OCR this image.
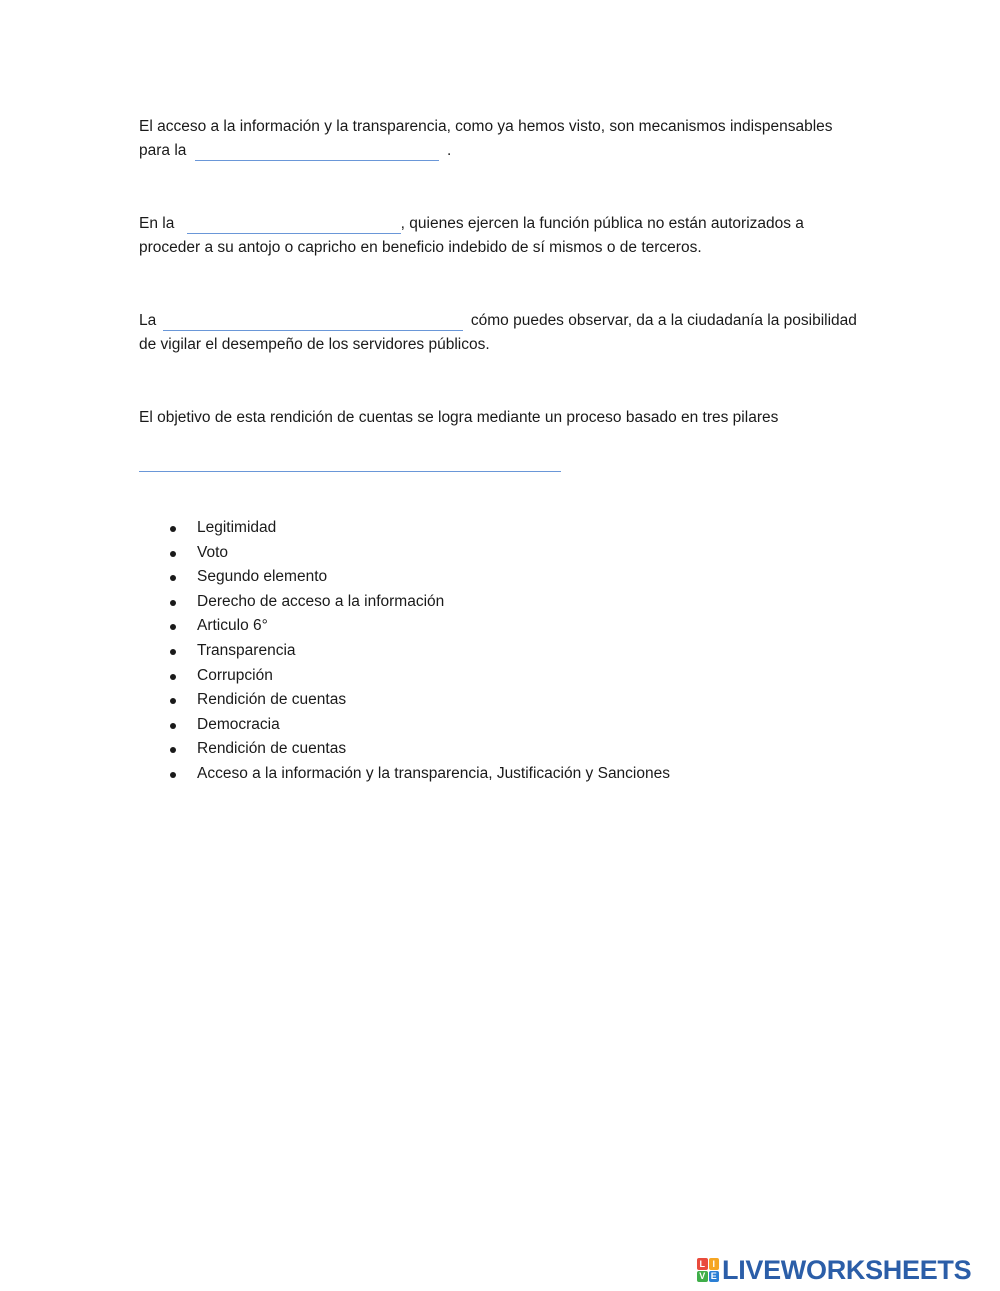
El acceso a la información y la transparencia, como ya hemos visto, son mecanismos indispensables para la	.
En la	, quienes ejercen la función pública no están autorizados a proceder a su antojo o capricho en beneficio indebido de sí mismos o de terceros.
La	cómo puedes observar, da a la ciudadanía la posibilidad de vigilar el desempeño de los servidores públicos.
El objetivo de esta rendición de cuentas se logra mediante un proceso basado en tres pilares
Legitimidad
Voto
Segundo elemento
Derecho de acceso a la información
Articulo 6°
Transparencia
Corrupción
Rendición de cuentas
Democracia
Rendición de cuentas
Acceso a la información y la transparencia, Justificación y Sanciones
L I
V E LIVEWORKSHEETS
